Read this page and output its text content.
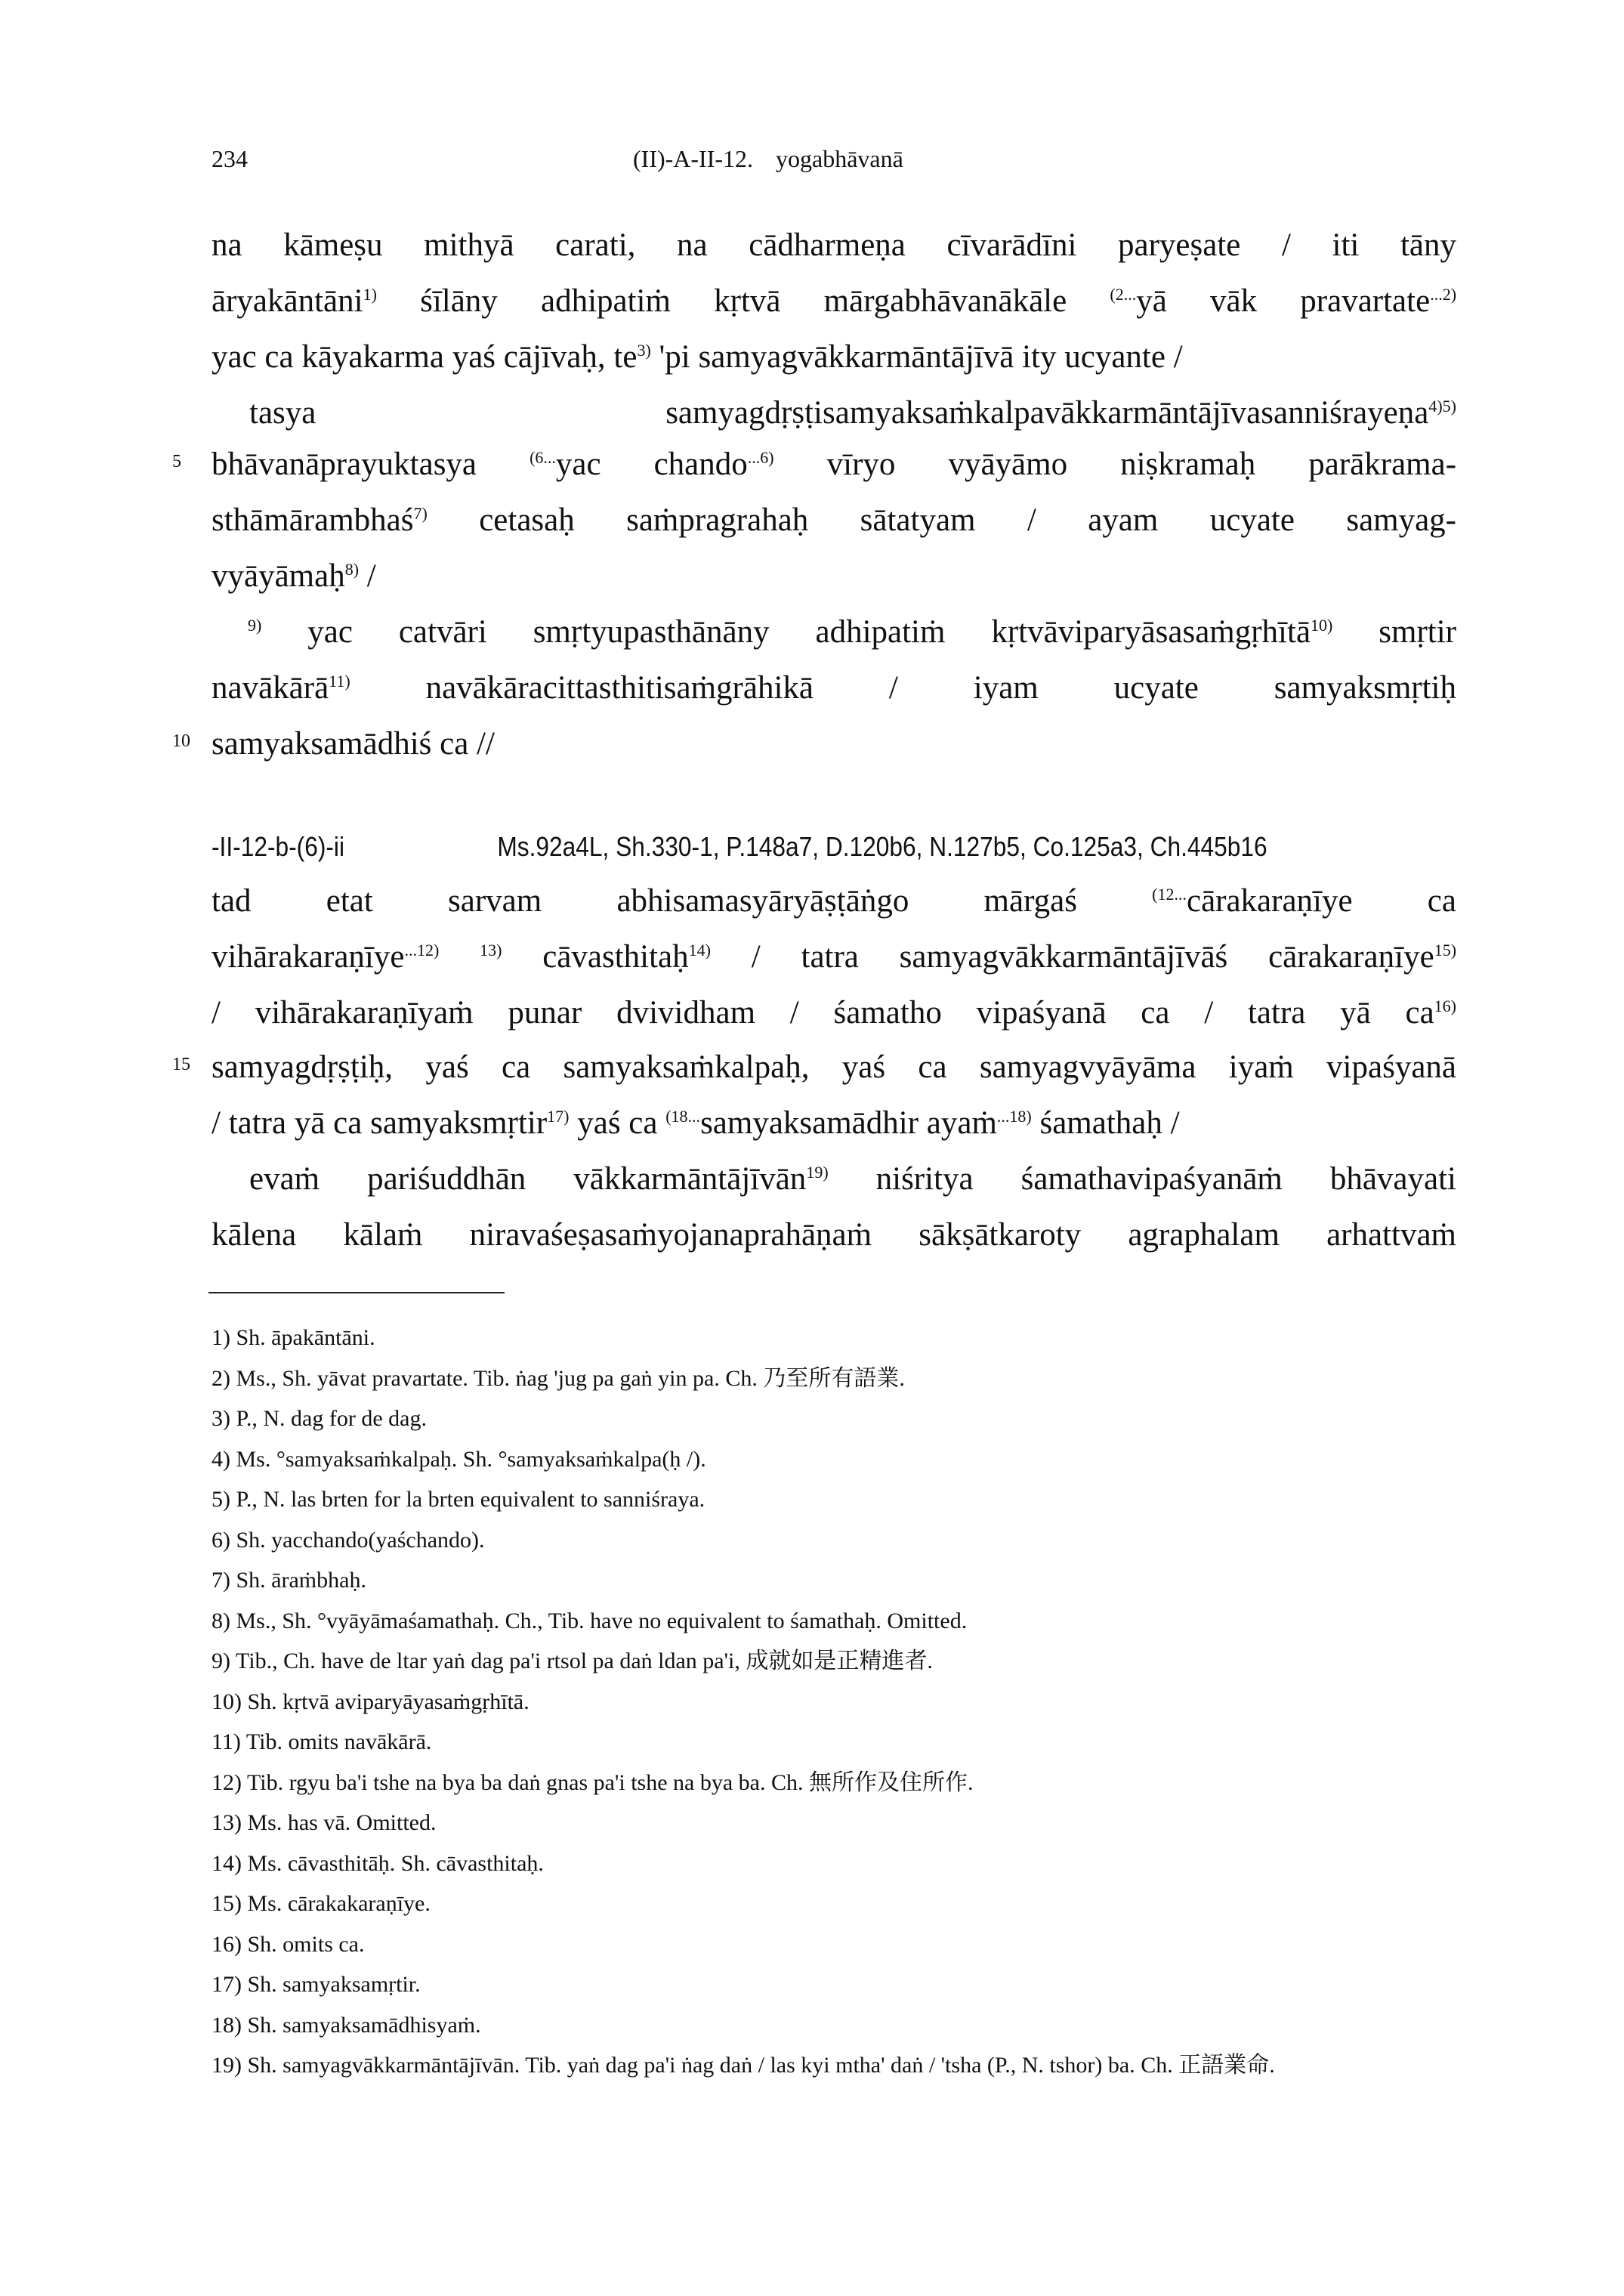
234	(II)-A-II-12. yogabhāvanā
na kāmeṣu mithyā carati, na cādharmeṇa cīvarādīni paryeṣate / iti tāny
āryakāntāni$^{1)}$ śīlāny adhipatiṁ kṛtvā mārgabhāvanākāle $^{(2...}$yā vāk pravartate$^{...2)}$
yac ca kāyakarma yaś cājīvaḥ, $te^{3)}$ 'pi samyagvākkarmāntājīvā ity ucyante /
tasya samyagdṛṣṭisamyaksaṁkalpavākkarmāntājīvasanniśrayeṇa$^{4)5)}$
5 bhāvanāprayuktasya $^{(6...}$yac chando$^{...6)}$ vīryo vyāyāmo niṣkramaḥ parākrama-
sthāmārambhaś$^{7)}$ cetasaḥ saṁpragrahaḥ sātatyam / ayam ucyate samyag-
vyāyāmaḥ$^{8)}$ /
$^{9)}$ yac catvāri smṛtyupasthānāny adhipatiṁ kṛtvāviparyāsasaṁgṛhītā$^{10)}$ smṛtir
navākārā$^{11)}$ navākāracittasthitisaṁgrāhikā / iyam ucyate samyaksmṛtiḥ
10 samyaksamādhiś ca //
-II-12-b-(6)-ii	Ms.92a4L, Sh.330-1, P.148a7, D.120b6, N.127b5, Co.125a3, Ch.445b16
tad etat sarvam abhisamasyāryāṣṭāṅgo mārgaś $^{(12...}$cārakaraṇīye ca
vihārakaraṇīye$^{...12)}$ $^{13)}$ cāvasthitaḥ$^{14)}$ / tatra samyagvākkarmāntājīvāś cārakaraṇīye$^{15)}$
/ vihārakaraṇīyaṁ punar dvividham / śamatho vipaśyanā ca / tatra yā $ca^{16)}$
15 samyagdṛṣṭiḥ, yaś ca samyaksaṁkalpaḥ, yaś ca samyagvyāyāma iyaṁ vipaśyanā
/ tatra yā ca samyaksmṛtir$^{17)}$ yaś ca $^{(18...}$samyaksamādhir ayaṁ$^{...18)}$ śamathaḥ /
evaṁ pariśuddhān vākkarmāntājīvān$^{19)}$ niśritya śamathavipaśyanāṁ bhāvayati
kālena kālaṁ niravaśeṣasaṁyojanaprahāṇaṁ sākṣātkaroty agraphalam arhattvaṁ
1) Sh. āpakāntāni.
2) Ms., Sh. yāvat pravartate. Tib. ṅag 'jug pa gaṅ yin pa. Ch. 乃至所有語業.
3) P., N. dag for de dag.
4) Ms. °samyaksaṁkalpaḥ. Sh. °samyaksaṁkalpa(ḥ /).
5) P., N. las brten for la brten equivalent to sanniśraya.
6) Sh. yacchando(yaśchando).
7) Sh. āraṁbhaḥ.
8) Ms., Sh. °vyāyāmaśamathaḥ. Ch., Tib. have no equivalent to śamathaḥ. Omitted.
9) Tib., Ch. have de ltar yaṅ dag pa'i rtsol pa daṅ ldan pa'i, 成就如是正精進者.
10) Sh. kṛtvā aviparyāyasaṁgṛhītā.
11) Tib. omits navākārā.
12) Tib. rgyu ba'i tshe na bya ba daṅ gnas pa'i tshe na bya ba. Ch. 無所作及住所作.
13) Ms. has vā. Omitted.
14) Ms. cāvasthitāḥ. Sh. cāvasthitaḥ.
15) Ms. cārakakaraṇīye.
16) Sh. omits ca.
17) Sh. samyaksamṛtir.
18) Sh. samyaksamādhisyaṁ.
19) Sh. samyagvākkarmāntājīvān. Tib. yaṅ dag pa'i ṅag daṅ / las kyi mtha' daṅ / 'tsha (P., N. tshor) ba. Ch. 正語業命.
